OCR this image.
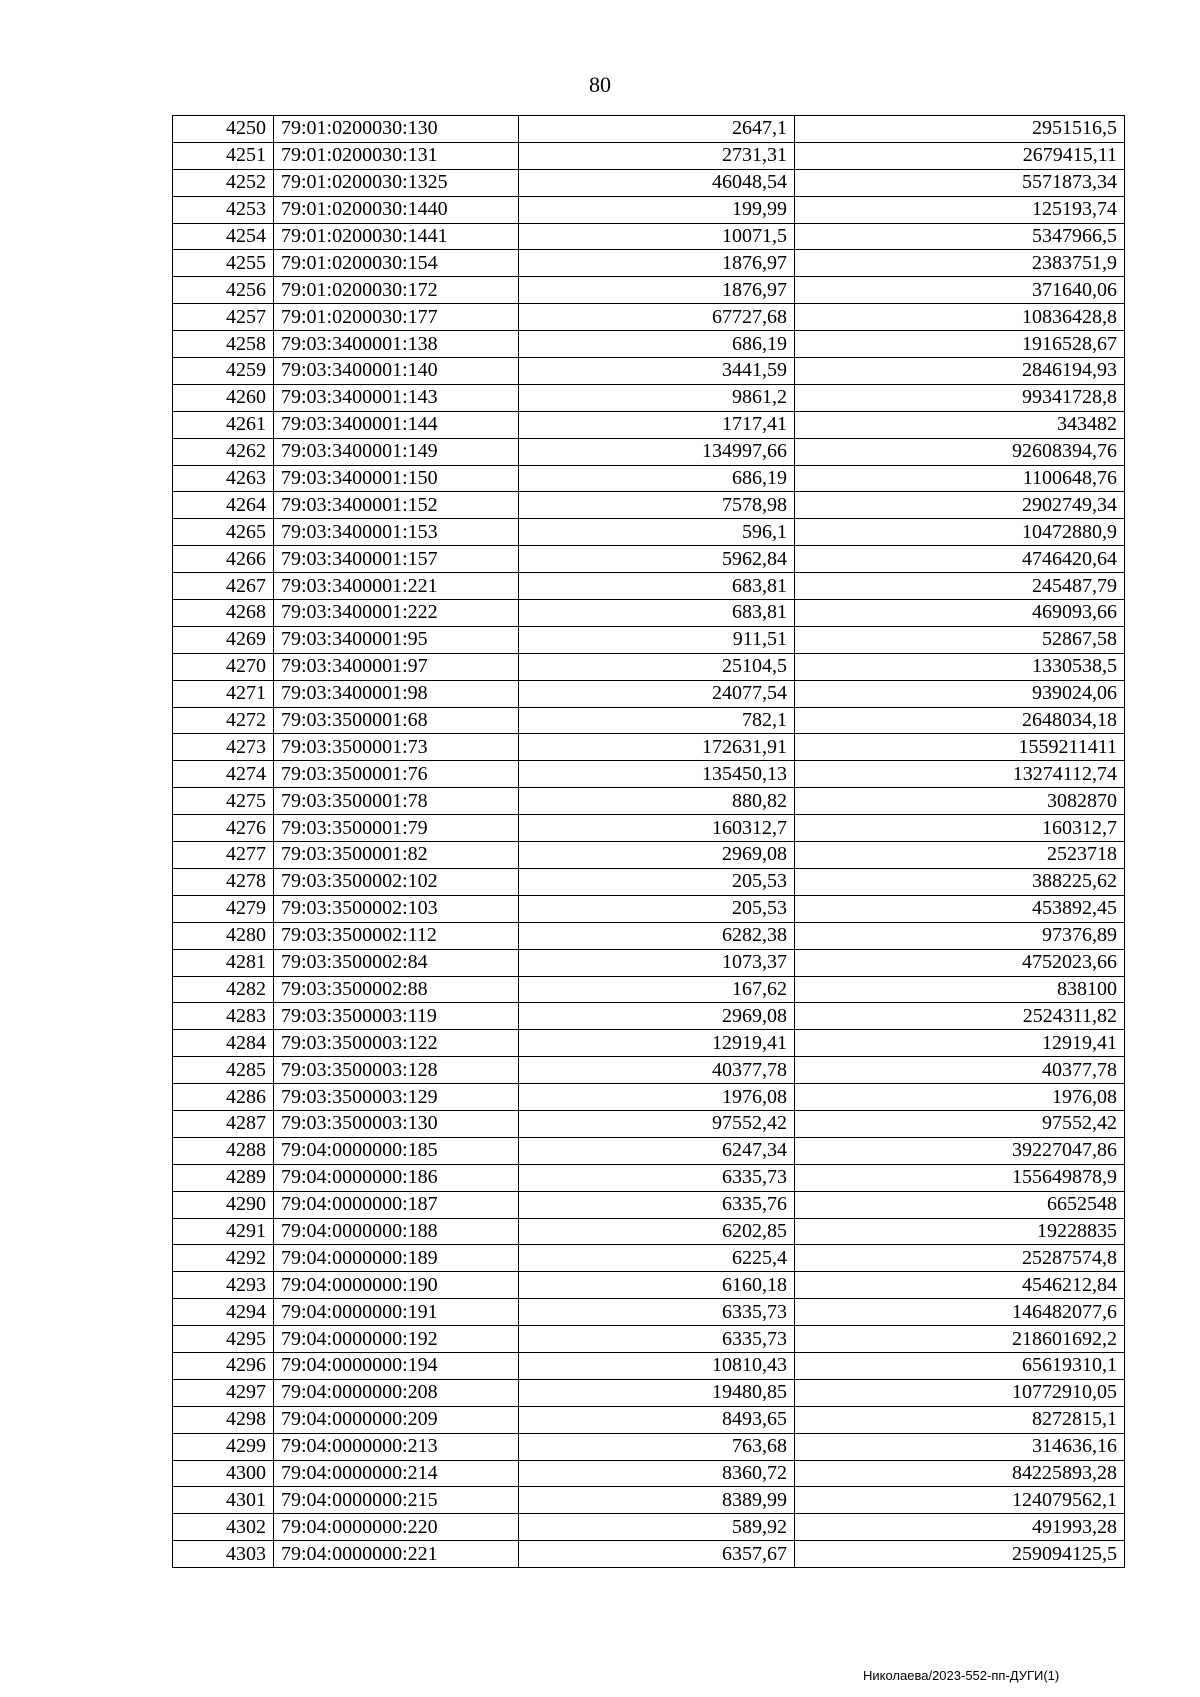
80
4250	79:01:0200030:130	2647,1	2951516,5
4251	79:01:0200030:131	2731,31	2679415,11
4252	79:01:0200030:1325	46048,54	5571873,34
4253	79:01:0200030:1440	199,99	125193,74
4254	79:01:0200030:1441	10071,5	5347966,5
4255	79:01:0200030:154	1876,97	2383751,9
4256	79:01:0200030:172	1876,97	371640,06
4257	79:01:0200030:177	67727,68	10836428,8
4258	79:03:3400001:138	686,19	1916528,67
4259	79:03:3400001:140	3441,59	2846194,93
4260	79:03:3400001:143	9861,2	99341728,8
4261	79:03:3400001:144	1717,41	343482
4262	79:03:3400001:149	134997,66	92608394,76
4263	79:03:3400001:150	686,19	1100648,76
4264	79:03:3400001:152	7578,98	2902749,34
4265	79:03:3400001:153	596,1	10472880,9
4266	79:03:3400001:157	5962,84	4746420,64
4267	79:03:3400001:221	683,81	245487,79
4268	79:03:3400001:222	683,81	469093,66
4269	79:03:3400001:95	911,51	52867,58
4270	79:03:3400001:97	25104,5	1330538,5
4271	79:03:3400001:98	24077,54	939024,06
4272	79:03:3500001:68	782,1	2648034,18
4273	79:03:3500001:73	172631,91	1559211411
4274	79:03:3500001:76	135450,13	13274112,74
4275	79:03:3500001:78	880,82	3082870
4276	79:03:3500001:79	160312,7	160312,7
4277	79:03:3500001:82	2969,08	2523718
4278	79:03:3500002:102	205,53	388225,62
4279	79:03:3500002:103	205,53	453892,45
4280	79:03:3500002:112	6282,38	97376,89
4281	79:03:3500002:84	1073,37	4752023,66
4282	79:03:3500002:88	167,62	838100
4283	79:03:3500003:119	2969,08	2524311,82
4284	79:03:3500003:122	12919,41	12919,41
4285	79:03:3500003:128	40377,78	40377,78
4286	79:03:3500003:129	1976,08	1976,08
4287	79:03:3500003:130	97552,42	97552,42
4288	79:04:0000000:185	6247,34	39227047,86
4289	79:04:0000000:186	6335,73	155649878,9
4290	79:04:0000000:187	6335,76	6652548
4291	79:04:0000000:188	6202,85	19228835
4292	79:04:0000000:189	6225,4	25287574,8
4293	79:04:0000000:190	6160,18	4546212,84
4294	79:04:0000000:191	6335,73	146482077,6
4295	79:04:0000000:192	6335,73	218601692,2
4296	79:04:0000000:194	10810,43	65619310,1
4297	79:04:0000000:208	19480,85	10772910,05
4298	79:04:0000000:209	8493,65	8272815,1
4299	79:04:0000000:213	763,68	314636,16
4300	79:04:0000000:214	8360,72	84225893,28
4301	79:04:0000000:215	8389,99	124079562,1
4302	79:04:0000000:220	589,92	491993,28
4303	79:04:0000000:221	6357,67	259094125,5
Николаева/2023-552-пп-ДУГИ(1)
